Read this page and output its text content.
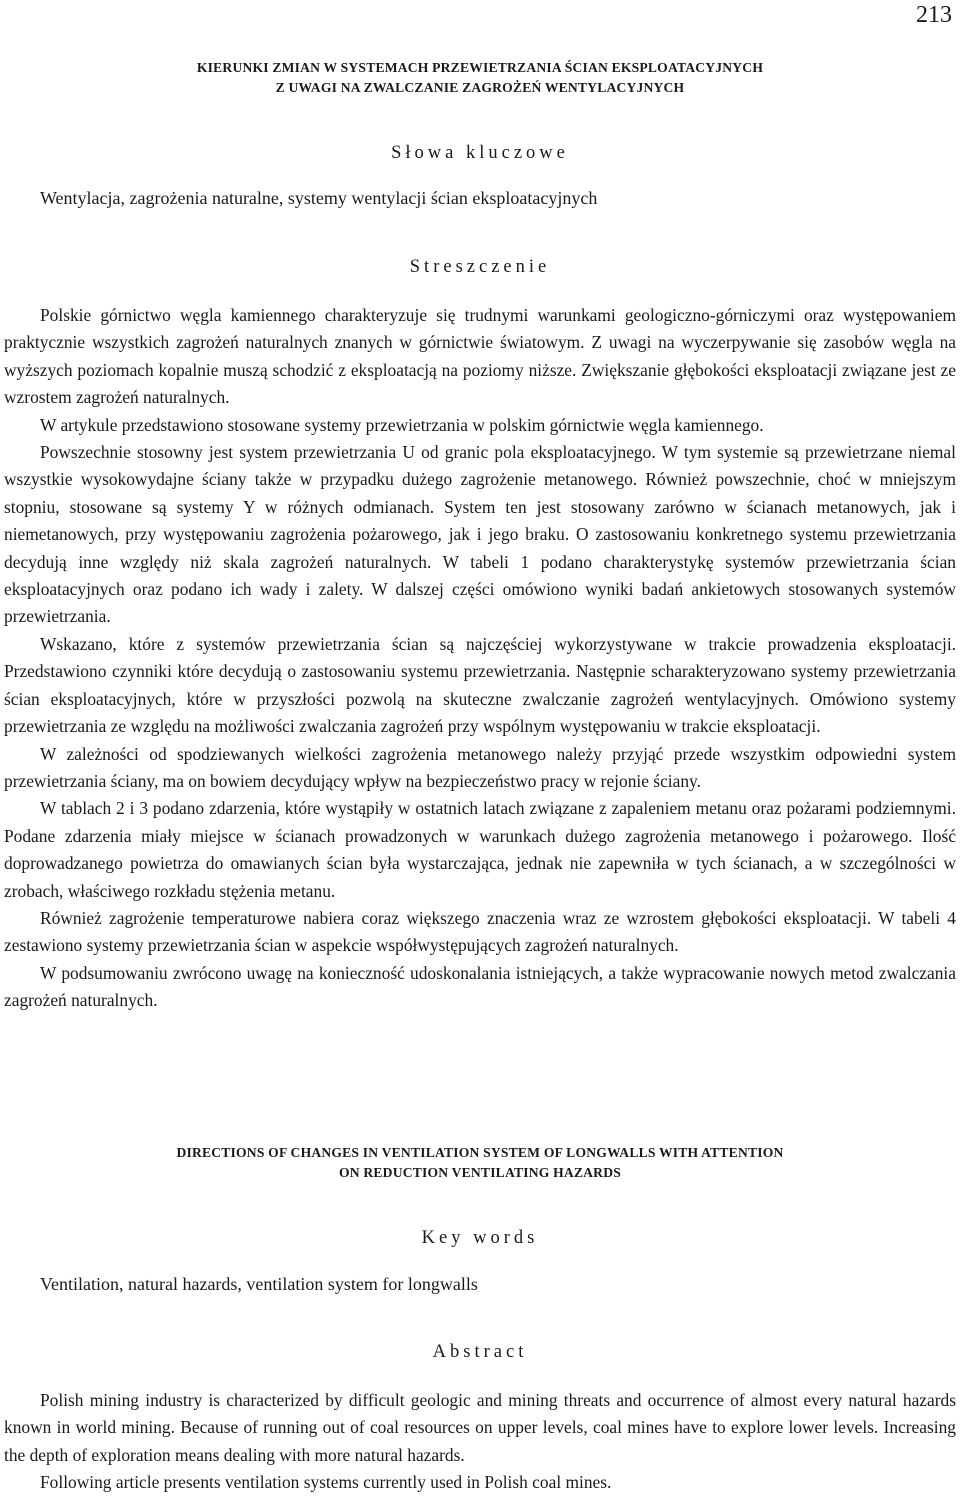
213
KIERUNKI ZMIAN W SYSTEMACH PRZEWIETRZANIA ŚCIAN EKSPLOATACYJNYCH
Z UWAGI NA ZWALCZANIE ZAGROŻEŃ WENTYLACYJNYCH
Słowa kluczowe
Wentylacja, zagrożenia naturalne, systemy wentylacji ścian eksploatacyjnych
Streszczenie

Polskie górnictwo węgla kamiennego charakteryzuje się trudnymi warunkami geologiczno-górniczymi oraz występowaniem praktycznie wszystkich zagrożeń naturalnych znanych w górnictwie światowym. Z uwagi na wyczerpywanie się zasobów węgla na wyższych poziomach kopalnie muszą schodzić z eksploatacją na poziomy niższe. Zwiększanie głębokości eksploatacji związane jest ze wzrostem zagrożeń naturalnych.

W artykule przedstawiono stosowane systemy przewietrzania w polskim górnictwie węgla kamiennego.

Powszechnie stosowny jest system przewietrzania U od granic pola eksploatacyjnego. W tym systemie są przewietrzane niemal wszystkie wysokowydajne ściany także w przypadku dużego zagrożenie metanowego. Również powszechnie, choć w mniejszym stopniu, stosowane są systemy Y w różnych odmianach. System ten jest stosowany zarówno w ścianach metanowych, jak i niemetanowych, przy występowaniu zagrożenia pożarowego, jak i jego braku. O zastosowaniu konkretnego systemu przewietrzania decydują inne względy niż skala zagrożeń naturalnych. W tabeli 1 podano charakterystykę systemów przewietrzania ścian eksploatacyjnych oraz podano ich wady i zalety. W dalszej części omówiono wyniki badań ankietowych stosowanych systemów przewietrzania.

Wskazano, które z systemów przewietrzania ścian są najczęściej wykorzystywane w trakcie prowadzenia eksploatacji. Przedstawiono czynniki które decydują o zastosowaniu systemu przewietrzania. Następnie scharakteryzowano systemy przewietrzania ścian eksploatacyjnych, które w przyszłości pozwolą na skuteczne zwalczanie zagrożeń wentylacyjnych. Omówiono systemy przewietrzania ze względu na możliwości zwalczania zagrożeń przy wspólnym występowaniu w trakcie eksploatacji.

W zależności od spodziewanych wielkości zagrożenia metanowego należy przyjąć przede wszystkim odpowiedni system przewietrzania ściany, ma on bowiem decydujący wpływ na bezpieczeństwo pracy w rejonie ściany.

W tablach 2 i 3 podano zdarzenia, które wystąpiły w ostatnich latach związane z zapaleniem metanu oraz pożarami podziemnymi. Podane zdarzenia miały miejsce w ścianach prowadzonych w warunkach dużego zagrożenia metanowego i pożarowego. Ilość doprowadzanego powietrza do omawianych ścian była wystarczająca, jednak nie zapewniła w tych ścianach, a w szczególności w zrobach, właściwego rozkładu stężenia metanu.

Również zagrożenie temperaturowe nabiera coraz większego znaczenia wraz ze wzrostem głębokości eksploatacji. W tabeli 4 zestawiono systemy przewietrzania ścian w aspekcie współwystępujących zagrożeń naturalnych.

W podsumowaniu zwrócono uwagę na konieczność udoskonalania istniejących, a także wypracowanie nowych metod zwalczania zagrożeń naturalnych.

DIRECTIONS OF CHANGES IN VENTILATION SYSTEM OF LONGWALLS WITH ATTENTION
ON REDUCTION VENTILATING HAZARDS
Key words
Ventilation, natural hazards, ventilation system for longwalls
Abstract

Polish mining industry is characterized by difficult geologic and mining threats and occurrence of almost every natural hazards known in world mining. Because of running out of coal resources on upper levels, coal mines have to explore lower levels. Increasing the depth of exploration means dealing with more natural hazards.

Following article presents ventilation systems currently used in Polish coal mines.
